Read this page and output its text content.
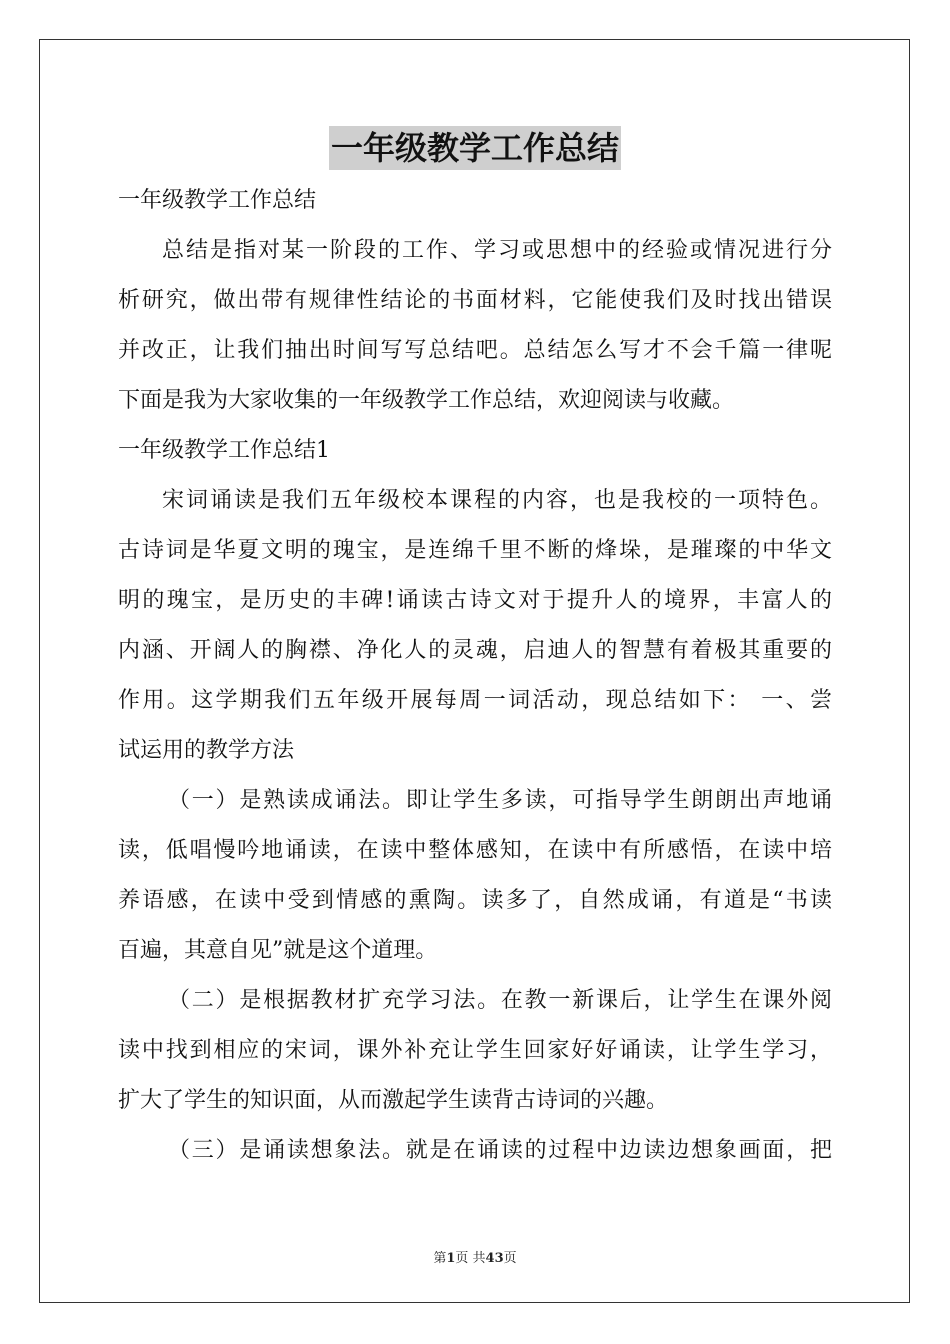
一年级教学工作总结
一年级教学工作总结
总结是指对某一阶段的工作、学习或思想中的经验或情况进行分
析研究，做出带有规律性结论的书面材料，它能使我们及时找出错误
并改正，让我们抽出时间写写总结吧。总结怎么写才不会千篇一律呢
下面是我为大家收集的一年级教学工作总结，欢迎阅读与收藏。
一年级教学工作总结1
宋词诵读是我们五年级校本课程的内容，也是我校的一项特色。
古诗词是华夏文明的瑰宝，是连绵千里不断的烽垛，是璀璨的中华文
明的瑰宝，是历史的丰碑!诵读古诗文对于提升人的境界，丰富人的
内涵、开阔人的胸襟、净化人的灵魂，启迪人的智慧有着极其重要的
作用。这学期我们五年级开展每周一词活动，现总结如下： 一、尝
试运用的教学方法
（一）是熟读成诵法。即让学生多读，可指导学生朗朗出声地诵
读，低唱慢吟地诵读，在读中整体感知，在读中有所感悟，在读中培
养语感，在读中受到情感的熏陶。读多了，自然成诵，有道是“书读
百遍，其意自见”就是这个道理。
（二）是根据教材扩充学习法。在教一新课后，让学生在课外阅
读中找到相应的宋词，课外补充让学生回家好好诵读，让学生学习，
扩大了学生的知识面，从而激起学生读背古诗词的兴趣。
（三）是诵读想象法。就是在诵读的过程中边读边想象画面，把
第1页 共43页
